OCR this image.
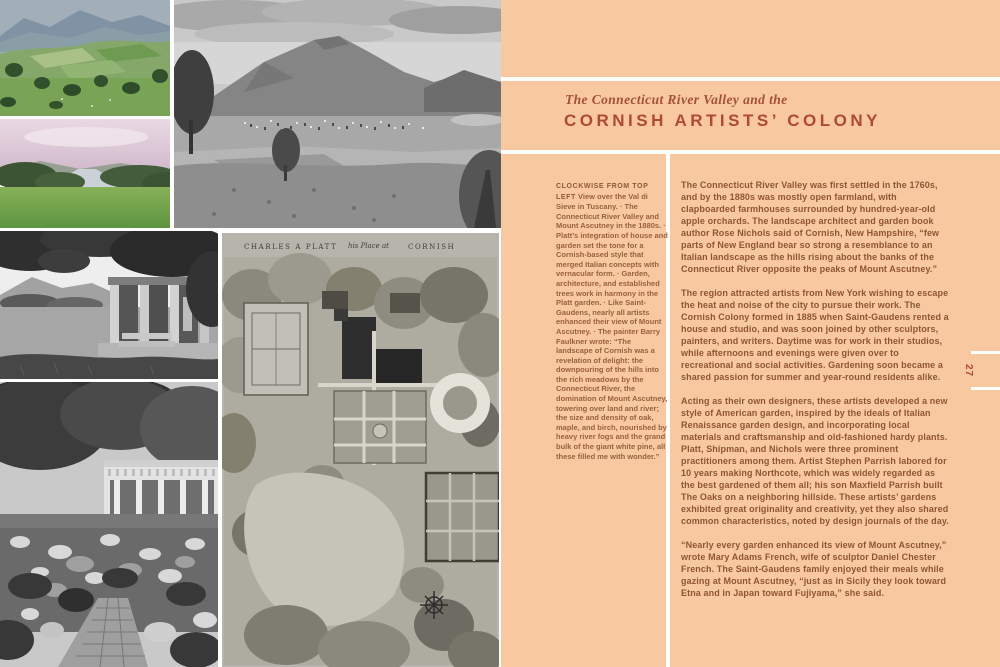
CHARLES A PLATT his Place at	CORNISH
The Connecticut River Valley and the
CORNISH ARTISTS’ COLONY
CLOCKWISE FROM TOP LEFT View over the Val di Sieve in Tuscany. · The Connecticut River Valley and Mount Ascutney in the 1880s. · Platt’s integration of house and garden set the tone for a Cornish-based style that merged Italian concepts with vernacular form. · Garden, architecture, and established trees work in harmony in the Platt garden. · Like Saint-Gaudens, nearly all artists enhanced their view of Mount Ascutney. · The painter Barry Faulkner wrote: “The landscape of Cornish was a revelation of delight: the downpouring of the hills into the rich meadows by the Connecticut River, the domination of Mount Ascutney, towering over land and river; the size and density of oak, maple, and birch, nourished by heavy river fogs and the grand bulk of the giant white pine, all these filled me with wonder.”

The Connecticut River Valley was first settled in the 1760s, and by the 1880s was mostly open farmland, with clapboarded farmhouses surrounded by hundred-year-old apple orchards. The landscape architect and garden book author Rose Nichols said of Cornish, New Hampshire, “few parts of New England bear so strong a resemblance to an Italian landscape as the hills rising about the banks of the Connecticut River opposite the peaks of Mount Ascutney.”

The region attracted artists from New York wishing to escape the heat and noise of the city to pursue their work. The Cornish Colony formed in 1885 when Saint-Gaudens rented a house and studio, and was soon joined by other sculptors, painters, and writers. Daytime was for work in their studios, while afternoons and evenings were given over to recreational and social activities. Gardening soon became a shared passion for summer and year-round residents alike.

Acting as their own designers, these artists developed a new style of American garden, inspired by the ideals of Italian Renaissance garden design, and incorporating local materials and craftsmanship and old-fashioned hardy plants. Platt, Shipman, and Nichols were three prominent practitioners among them. Artist Stephen Parrish labored for 10 years making Northcote, which was widely regarded as the best gardened of them all; his son Maxfield Parrish built The Oaks on a neighboring hillside. These artists’ gardens exhibited great originality and creativity, yet they also shared common characteristics, noted by design journals of the day.

“Nearly every garden enhanced its view of Mount Ascutney,” wrote Mary Adams French, wife of sculptor Daniel Chester French. The Saint-Gaudens family enjoyed their meals while gazing at Mount Ascutney, “just as in Sicily they look toward Etna and in Japan toward Fujiyama,” she said.

27
